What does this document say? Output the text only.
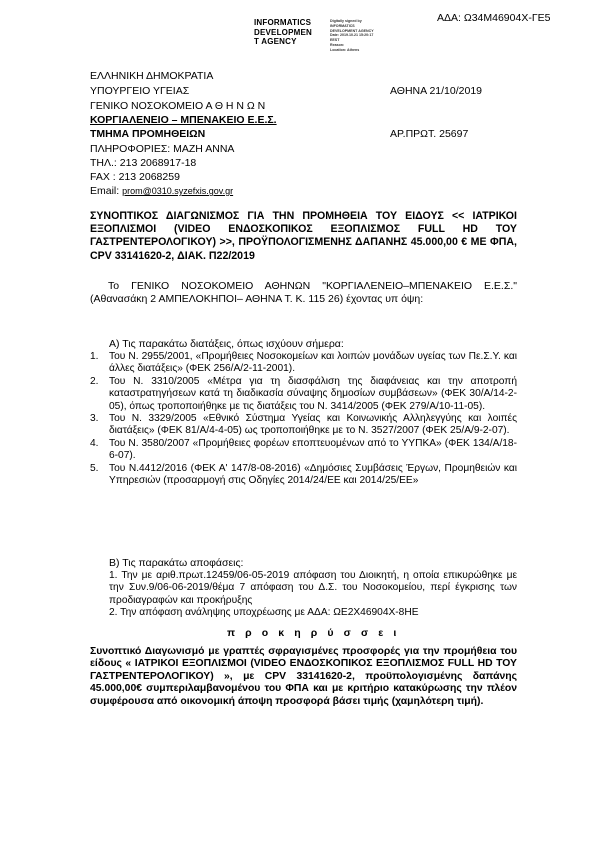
ΑΔΑ: Ω34Μ46904Χ-ΓΕ5
INFORMATICS
DEVELOPMEN
T AGENCY
Digitally signed by
INFORMATICS
DEVELOPMENT AGENCY
Date: 2019.10.21 15:20:17
EEST
Reason:
Location: Athens
ΕΛΛΗΝΙΚΗ ΔΗΜΟΚΡΑΤΙΑ
ΥΠΟΥΡΓΕΙΟ ΥΓΕΙΑΣ
ΓΕΝΙΚΟ ΝΟΣΟΚΟΜΕΙΟ Α Θ Η Ν Ω Ν
ΚΟΡΓΙΑΛΕΝΕΙΟ – ΜΠΕΝΑΚΕΙΟ Ε.Ε.Σ.
ΤΜΗΜΑ ΠΡΟΜΗΘΕΙΩΝ
ΠΛΗΡΟΦΟΡΙΕΣ: ΜΑΖΗ ΑΝΝΑ
ΤΗΛ.: 213 2068917-18
FAX : 213 2068259
Email: prom@0310.syzefxis.gov.gr
ΑΘΗΝΑ 21/10/2019
ΑΡ.ΠΡΩΤ. 25697

ΣΥΝΟΠΤΙΚΟΣ ΔΙΑΓΩΝΙΣΜΟΣ ΓΙΑ ΤΗΝ ΠΡΟΜΗΘΕΙΑ ΤΟΥ ΕΙΔΟΥΣ << ΙΑΤΡΙΚΟΙ ΕΞΟΠΛΙΣΜΟΙ (VIDEO ΕΝΔΟΣΚΟΠΙΚΟΣ ΕΞΟΠΛΙΣΜΟΣ FULL HD ΤΟΥ ΓΑΣΤΡΕΝΤΕΡΟΛΟΓΙΚΟΥ) >>, ΠΡΟΫΠΟΛΟΓΙΣΜΕΝΗΣ ΔΑΠΑΝΗΣ 45.000,00 € ΜΕ ΦΠΑ, CPV 33141620-2, ΔΙΑΚ. Π22/2019

Το ΓΕΝΙΚΟ ΝΟΣΟΚΟΜΕΙΟ ΑΘΗΝΩΝ "ΚΟΡΓΙΑΛΕΝΕΙΟ–ΜΠΕΝΑΚΕΙΟ Ε.Ε.Σ." (Αθανασάκη 2 ΑΜΠΕΛΟΚΗΠΟΙ– ΑΘΗΝΑ Τ. Κ. 115 26) έχοντας υπ όψη:

Α) Τις παρακάτω διατάξεις, όπως ισχύουν σήμερα:
1. Του Ν. 2955/2001, «Προμήθειες Νοσοκομείων και λοιπών μονάδων υγείας των Πε.Σ.Υ. και άλλες διατάξεις» (ΦΕΚ 256/Α/2-11-2001).
2. Του Ν. 3310/2005 «Μέτρα για τη διασφάλιση της διαφάνειας και την αποτροπή καταστρατηγήσεων κατά τη διαδικασία σύναψης δημοσίων συμβάσεων» (ΦΕΚ 30/Α/14-2-05), όπως τροποποιήθηκε με τις διατάξεις του Ν. 3414/2005 (ΦΕΚ 279/Α/10-11-05).
3. Του Ν. 3329/2005 «Εθνικό Σύστημα Υγείας και Κοινωνικής Αλληλεγγύης και λοιπές διατάξεις» (ΦΕΚ 81/Α/4-4-05) ως τροποποιήθηκε με το Ν. 3527/2007 (ΦΕΚ 25/Α/9-2-07).
4. Του Ν. 3580/2007 «Προμήθειες φορέων εποπτευομένων από το ΥΥΠΚΑ» (ΦΕΚ 134/Α/18-6-07).
5. Του Ν.4412/2016 (ΦΕΚ Α' 147/8-08-2016) «Δημόσιες Συμβάσεις Έργων, Προμηθειών και Υπηρεσιών (προσαρμογή στις Οδηγίες 2014/24/ΕΕ και 2014/25/ΕΕ»
Β) Τις παρακάτω αποφάσεις:

1. Την με αριθ.πρωτ.12459/06-05-2019 απόφαση του Διοικητή, η οποία επικυρώθηκε με την Συν.9/06-06-2019/θέμα 7 απόφαση του Δ.Σ. του Νοσοκομείου, περί έγκρισης των προδιαγραφών και προκήρυξης

2. Την απόφαση ανάληψης υποχρέωσης με ΑΔΑ: ΩΕ2Χ46904Χ-8ΗΕ

π ρ ο κ η ρ ύ σ σ ε ι

Συνοπτικό Διαγωνισμό με γραπτές σφραγισμένες προσφορές για την προμήθεια του είδους « ΙΑΤΡΙΚΟΙ ΕΞΟΠΛΙΣΜΟΙ (VIDEO ΕΝΔΟΣΚΟΠΙΚΟΣ ΕΞΟΠΛΙΣΜΟΣ FULL HD ΤΟΥ ΓΑΣΤΡΕΝΤΕΡΟΛΟΓΙΚΟΥ) », με CPV 33141620-2, προϋπολογισμένης δαπάνης 45.000,00€ συμπεριλαμβανομένου του ΦΠΑ και με κριτήριο κατακύρωσης την πλέον συμφέρουσα από οικονομική άποψη προσφορά βάσει τιμής (χαμηλότερη τιμή).
